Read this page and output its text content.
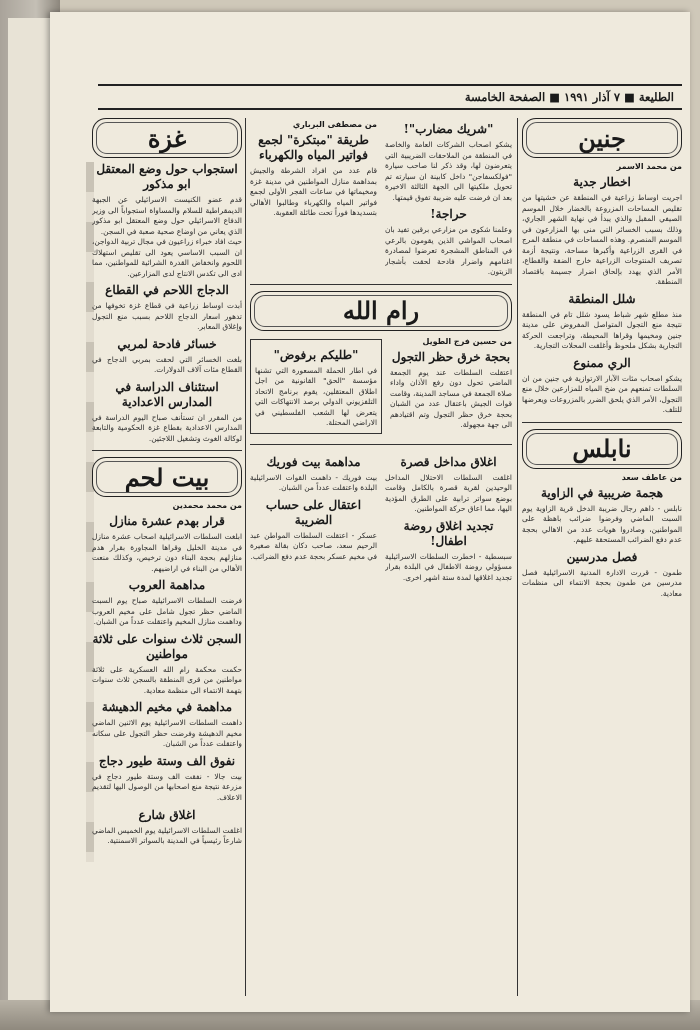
الطليعة ■ ٧ آذار ١٩٩١ ■ الصفحة الخامسة
جنين
من محمد الاسمر
اخطار جدية
اجريت اوساط زراعية في المنطقة عن خشيتها من تقليص المساحات المزروعة بالخضار خلال الموسم الصيفي المقبل والذي يبدأ في نهاية الشهر الجاري، وذلك بسبب الخسائر التي منى بها المزارعون في الموسم المنصرم. وهذه المساحات في منطقة المرج في القرى الزراعية وأكبرها مساحة، ونتيجة أزمة تصريف المنتوجات الزراعية خارج الضفة والقطاع، الأمر الذي يهدد بإلحاق اضرار جسيمة باقتصاد المنطقة.
شلل المنطقة
منذ مطلع شهر شباط يسود شلل تام في المنطقة نتيجة منع التجول المتواصل المفروض على مدينة جنين ومخيمها وقراها المحيطة، وتراجعت الحركة التجارية بشكل ملحوظ وأغلقت المحلات التجارية.
الري ممنوع
يشكو اصحاب مئات الآبار الارتوازية في جنين من ان السلطات تمنعهم من ضخ المياه للمزارعين خلال منع التجول، الأمر الذي يلحق الضرر بالمزروعات ويعرضها للتلف.
نابلس
من عاطف سعد
هجمة ضريبية في الزاوية
نابلس - داهم رجال ضريبة الدخل قرية الزاوية يوم السبت الماضي وفرضوا ضرائب باهظة على المواطنين، وصادروا هويات عدد من الاهالي بحجة عدم دفع الضرائب المستحقة عليهم.
فصل مدرسين
طمون - قررت الادارة المدنية الاسرائيلية فصل مدرسين من طمون بحجة الانتماء الى منظمات معادية.
"شريك مضارب"!
يشكو اصحاب الشركات العامة والخاصة في المنطقة من الملاحقات الضريبية التي يتعرضون لها، وقد ذكر لنا صاحب سيارة "فولكسفاجن" داخل كابينة ان سيارته تم تحويل ملكيتها الى الجهة الثالثة الاخيرة بعد ان فرضت عليه ضريبة تفوق قيمتها.
حراجة!
وعلمنا شكوى من مزارعي برقين تفيد بان اصحاب المواشي الذين يقومون بالرعي في المناطق المشجرة تعرضوا لمصادرة اغنامهم واضرار فادحة لحقت بأشجار الزيتون.
من مصطفى البرباري
طريقة "مبتكرة" لجمع فواتير المياه والكهرباء
قام عدد من افراد الشرطة والجيش بمداهمة منازل المواطنين في مدينة غزة ومخيماتها في ساعات الفجر الأولى لجمع فواتير المياه والكهرباء وطالبوا الأهالي بتسديدها فوراً تحت طائلة العقوبة.
رام الله
من حسين فرج الطويل
بحجة خرق حظر التجول
اعتقلت السلطات عند يوم الجمعة الماضي تحول دون رفع الأذان واداء صلاة الجمعة في مساجد المدينة، وقامت قوات الجيش باعتقال عدد من الشبان بحجة خرق حظر التجول وتم اقتيادهم الى جهة مجهولة.
"طليكم برفوض"
في اطار الحملة المسعورة التي تشنها مؤسسة "الحق" القانونية من اجل اطلاق المعتقلين، يقوم برنامج الاتحاد التلفزيوني الدولي برصد الانتهاكات التي يتعرض لها الشعب الفلسطيني في الاراضي المحتلة.
اغلاق مداخل قصرة
اغلقت السلطات الاحتلال المداخل الوحيدين لقرية قصرة بالكامل وقامت بوضع سواتر ترابية على الطرق المؤدية اليها، مما اعاق حركة المواطنين.
تجديد اغلاق روضة اطفال!
سبسطية - اخطرت السلطات الاسرائيلية مسؤولي روضة الاطفال في البلدة بقرار تجديد اغلاقها لمدة ستة اشهر اخرى.
مداهمة بيت فوريك
بيت فوريك - داهمت القوات الاسرائيلية البلدة واعتقلت عدداً من الشبان.
اعتقال على حساب الضريبة
عسكر - اعتقلت السلطات المواطن عبد الرحيم سعد، صاحب دكان بقالة صغيرة في مخيم عسكر بحجة عدم دفع الضرائب.
غزة
استجواب حول وضع المعتقل ابو مذكور
قدم عضو الكنيست الاسرائيلي عن الجبهة الديمقراطية للسلام والمساواة استجواباً الى وزير الدفاع الاسرائيلي حول وضع المعتقل ابو مذكور الذي يعاني من اوضاع صحية صعبة في السجن.
حيث افاد خبراء زراعيون في مجال تربية الدواجن، ان السبب الاساسي يعود الى تقليص استهلاك اللحوم وانخفاض القدرة الشرائية للمواطنين، مما ادى الى تكدس الانتاج لدى المزارعين.
الدجاج اللاحم في القطاع
أبدت اوساط زراعية في قطاع غزة تخوفها من تدهور اسعار الدجاج اللاحم بسبب منع التجول وإغلاق المعابر.
خسائر فادحة لمربي
بلغت الخسائر التي لحقت بمربي الدجاج في القطاع مئات آلاف الدولارات.
استئناف الدراسة في المدارس الاعدادية
من المقرر ان تستأنف صباح اليوم الدراسة في المدارس الاعدادية بقطاع غزة الحكومية والتابعة لوكالة الغوث وتشغيل اللاجئين.
بيت لحم
من محمد محمدين
قرار بهدم عشرة منازل
ابلغت السلطات الاسرائيلية اصحاب عشرة منازل في مدينة الخليل وقراها المجاورة بقرار هدم منازلهم بحجة البناء دون ترخيص، وكذلك منعت الأهالي من البناء في اراضيهم.
مداهمة العروب
فرضت السلطات الاسرائيلية صباح يوم السبت الماضي حظر تجول شامل على مخيم العروب وداهمت منازل المخيم واعتقلت عدداً من الشبان.
السجن ثلاث سنوات على ثلاثة مواطنين
حكمت محكمة رام الله العسكرية على ثلاثة مواطنين من قرى المنطقة بالسجن ثلاث سنوات بتهمة الانتماء الى منظمة معادية.
مداهمة في مخيم الدهيشة
داهمت السلطات الاسرائيلية يوم الاثنين الماضي مخيم الدهيشة وفرضت حظر التجول على سكانه واعتقلت عدداً من الشبان.
نفوق الف وستة طيور دجاج
بيت جالا - نفقت الف وستة طيور دجاج في مزرعة نتيجة منع اصحابها من الوصول اليها لتقديم الاعلاف.
اغلاق شارع
اغلقت السلطات الاسرائيلية يوم الخميس الماضي شارعاً رئيسياً في المدينة بالسواتر الاسمنتية.
